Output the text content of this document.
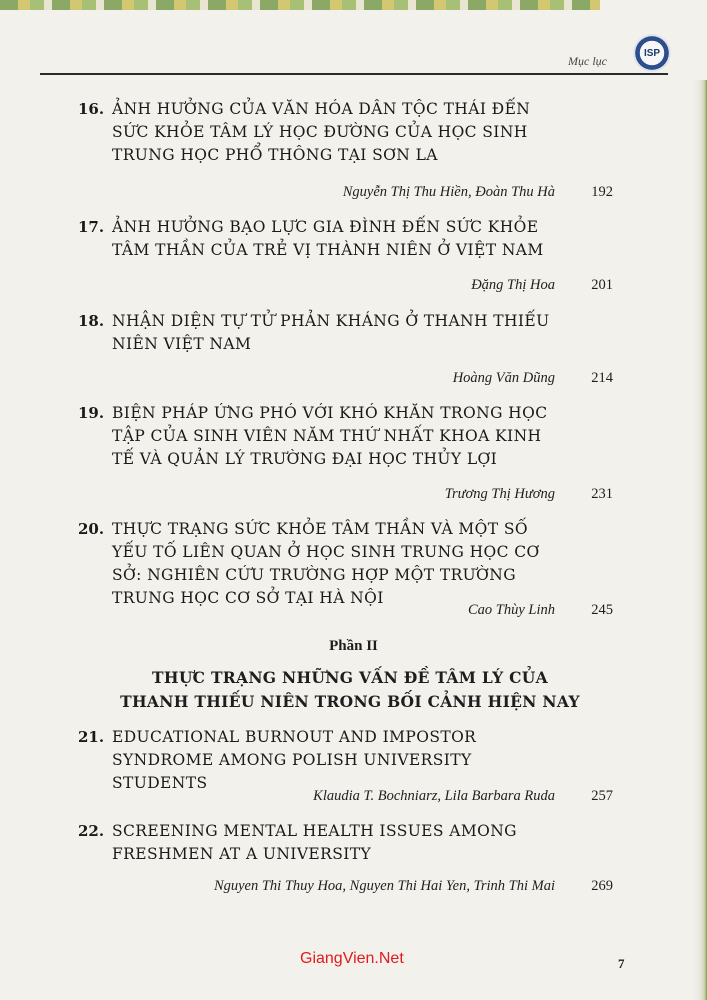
Mục lục
ISP
16. ẢNH HƯỞNG CỦA VĂN HÓA DÂN TỘC THÁI ĐẾN SỨC KHỎE TÂM LÝ HỌC ĐƯỜNG CỦA HỌC SINH TRUNG HỌC PHỔ THÔNG TẠI SƠN LA
Nguyễn Thị Thu Hiền, Đoàn Thu Hà	192
17. ẢNH HƯỞNG BẠO LỰC GIA ĐÌNH ĐẾN SỨC KHỎE TÂM THẦN CỦA TRẺ VỊ THÀNH NIÊN Ở VIỆT NAM
Đặng Thị Hoa	201
18. NHẬN DIỆN TỰ TỬ PHẢN KHÁNG Ở THANH THIẾU NIÊN VIỆT NAM
Hoàng Văn Dũng	214
19. BIỆN PHÁP ỨNG PHÓ VỚI KHÓ KHĂN TRONG HỌC TẬP CỦA SINH VIÊN NĂM THỨ NHẤT KHOA KINH TẾ VÀ QUẢN LÝ TRƯỜNG ĐẠI HỌC THỦY LỢI
Trương Thị Hương	231
20. THỰC TRẠNG SỨC KHỎE TÂM THẦN VÀ MỘT SỐ YẾU TỐ LIÊN QUAN Ở HỌC SINH TRUNG HỌC CƠ SỞ: NGHIÊN CỨU TRƯỜNG HỢP MỘT TRƯỜNG TRUNG HỌC CƠ SỞ TẠI HÀ NỘI
Cao Thùy Linh	245
Phần II
THỰC TRẠNG NHỮNG VẤN ĐỀ TÂM LÝ CỦA
THANH THIẾU NIÊN TRONG BỐI CẢNH HIỆN NAY
21. EDUCATIONAL BURNOUT AND IMPOSTOR SYNDROME AMONG POLISH UNIVERSITY STUDENTS
Klaudia T. Bochniarz, Lila Barbara Ruda	257
22. SCREENING MENTAL HEALTH ISSUES AMONG FRESHMEN AT A UNIVERSITY
Nguyen Thi Thuy Hoa, Nguyen Thi Hai Yen, Trinh Thi Mai	269
GiangVien.Net	7
